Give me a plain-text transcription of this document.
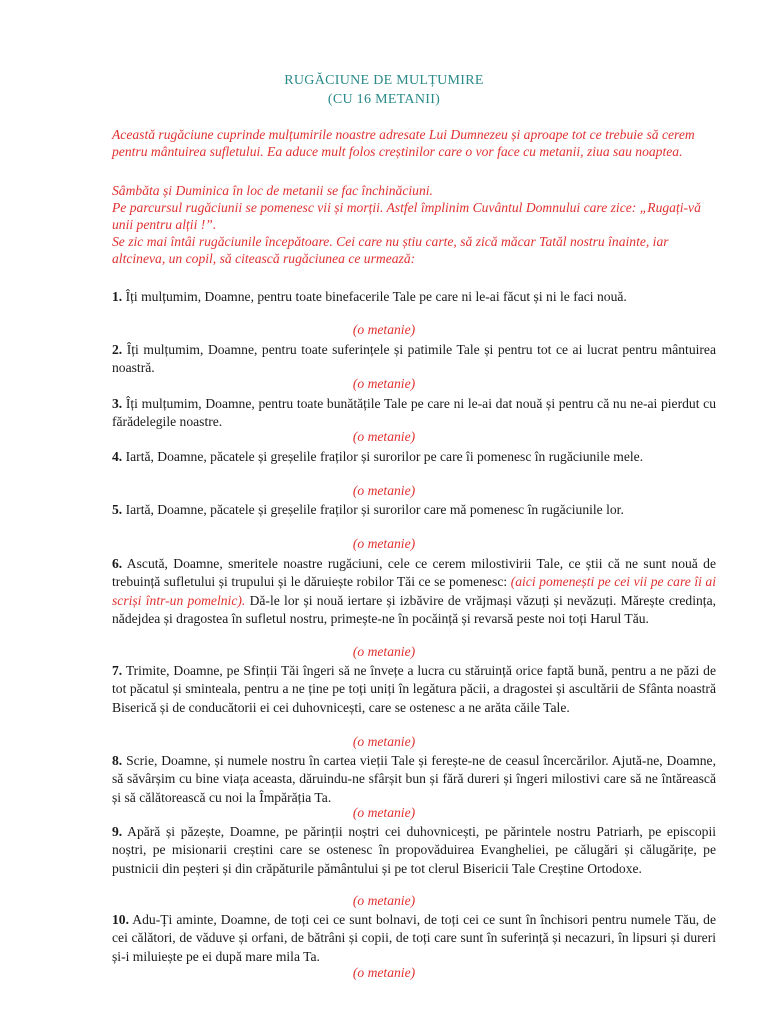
RUGĂCIUNE DE MULȚUMIRE
(CU 16 METANII)
Această rugăciune cuprinde mulțumirile noastre adresate Lui Dumnezeu și aproape tot ce trebuie să cerem pentru mântuirea sufletului. Ea aduce mult folos creștinilor care o vor face cu metanii, ziua sau noaptea.
Sâmbăta și Duminica în loc de metanii se fac închinăciuni.
Pe parcursul rugăciunii se pomenesc vii și morții. Astfel împlinim Cuvântul Domnului care zice: „Rugați-vă unii pentru alții !”.
Se zic mai întâi rugăciunile începătoare. Cei care nu știu carte, să zică măcar Tatăl nostru înainte, iar altcineva, un copil, să citească rugăciunea ce urmează:
1. Îți mulțumim, Doamne, pentru toate binefacerile Tale pe care ni le-ai făcut și ni le faci nouă.
(o metanie)
2. Îți mulțumim, Doamne, pentru toate suferințele și patimile Tale și pentru tot ce ai lucrat pentru mântuirea noastră.
(o metanie)
3. Îți mulțumim, Doamne, pentru toate bunătățile Tale pe care ni le-ai dat nouă și pentru că nu ne-ai pierdut cu fărădelegile noastre.
(o metanie)
4. Iartă, Doamne, păcatele și greșelile fraților și surorilor pe care îi pomenesc în rugăciunile mele.
(o metanie)
5. Iartă, Doamne, păcatele și greșelile fraților și surorilor care mă pomenesc în rugăciunile lor.
(o metanie)
6. Ascută, Doamne, smeritele noastre rugăciuni, cele ce cerem milostivirii Tale, ce știi că ne sunt nouă de trebuință sufletului și trupului și le dăruiește robilor Tăi ce se pomenesc: (aici pomenești pe cei vii pe care îi ai scriși într-un pomelnic). Dă-le lor și nouă iertare și izbăvire de vrăjmași văzuți și nevăzuți. Mărește credința, nădejdea și dragostea în sufletul nostru, primește-ne în pocăință și revarsă peste noi toți Harul Tău.
(o metanie)
7. Trimite, Doamne, pe Sfinții Tăi îngeri să ne învețe a lucra cu stăruință orice faptă bună, pentru a ne păzi de tot păcatul și sminteala, pentru a ne ține pe toți uniți în legătura păcii, a dragostei și ascultării de Sfânta noastră Biserică și de conducătorii ei cei duhovnicești, care se ostenesc a ne arăta căile Tale.
(o metanie)
8. Scrie, Doamne, și numele nostru în cartea vieții Tale și ferește-ne de ceasul încercărilor. Ajută-ne, Doamne, să săvârșim cu bine viața aceasta, dăruindu-ne sfârșit bun și fără dureri și îngeri milostivi care să ne întărească și să călătorească cu noi la Împărăția Ta.
(o metanie)
9. Apără și păzește, Doamne, pe părinții noștri cei duhovnicești, pe părintele nostru Patriarh, pe episcopii noștri, pe misionarii creștini care se ostenesc în propovăduirea Evangheliei, pe călugări și călugărițe, pe pustnicii din peșteri și din crăpăturile pământului și pe tot clerul Bisericii Tale Creștine Ortodoxe.
(o metanie)
10. Adu-Ți aminte, Doamne, de toți cei ce sunt bolnavi, de toți cei ce sunt în închisori pentru numele Tău, de cei călători, de văduve și orfani, de bătrâni și copii, de toți care sunt în suferință și necazuri, în lipsuri și dureri și-i miluiește pe ei după mare mila Ta.
(o metanie)
